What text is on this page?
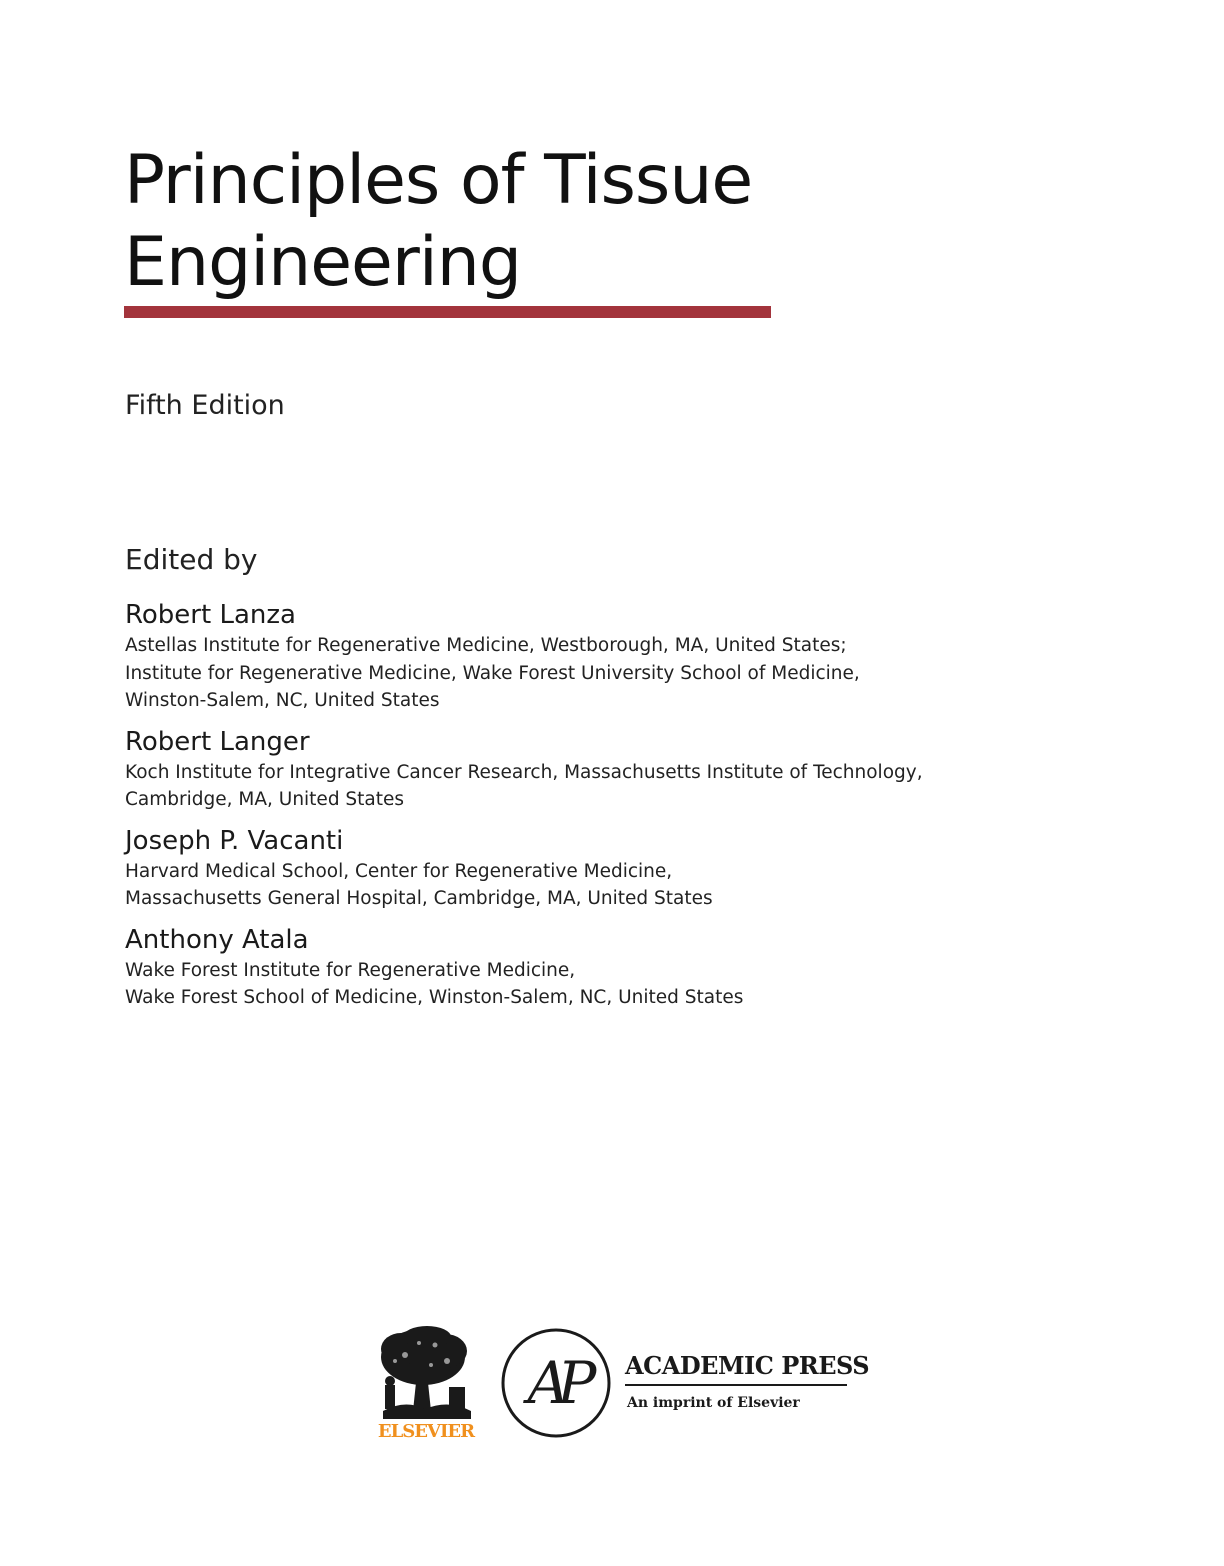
Principles of Tissue
Engineering
Fifth Edition
Edited by
Robert Lanza
Astellas Institute for Regenerative Medicine, Westborough, MA, United States;
Institute for Regenerative Medicine, Wake Forest University School of Medicine,
Winston-Salem, NC, United States
Robert Langer
Koch Institute for Integrative Cancer Research, Massachusetts Institute of Technology,
Cambridge, MA, United States
Joseph P. Vacanti
Harvard Medical School, Center for Regenerative Medicine,
Massachusetts General Hospital, Cambridge, MA, United States
Anthony Atala
Wake Forest Institute for Regenerative Medicine,
Wake Forest School of Medicine, Winston-Salem, NC, United States
ELSEVIER
AP	ACADEMIC PRESS
An imprint of Elsevier
